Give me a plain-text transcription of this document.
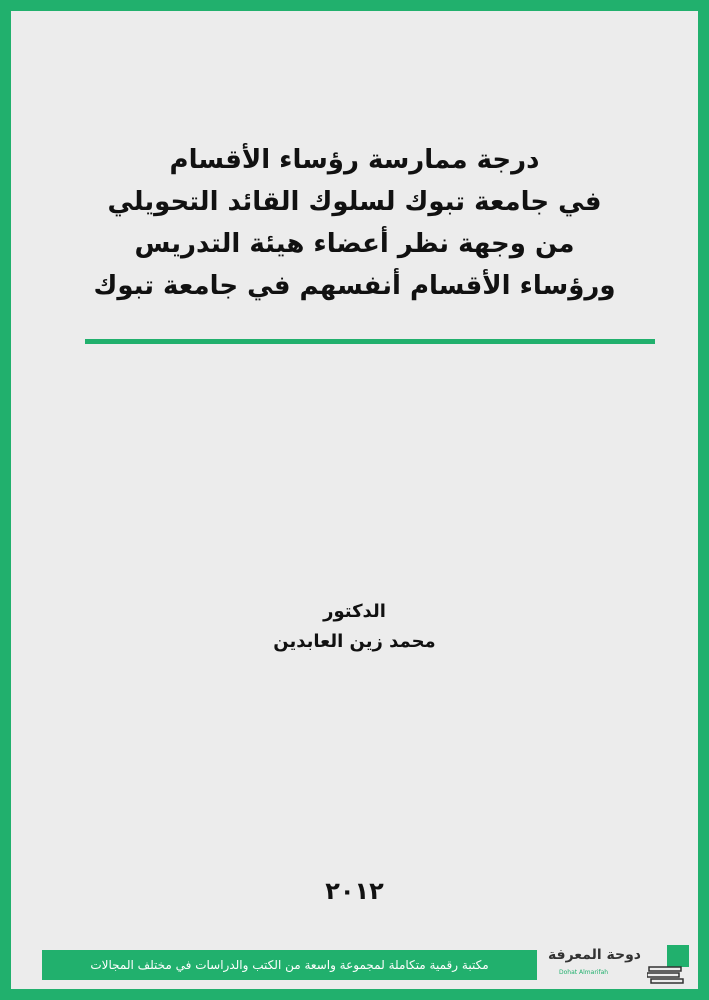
درجة ممارسة رؤساء الأقسام

في جامعة تبوك لسلوك القائد التحويلي

من وجهة نظر أعضاء هيئة التدريس

ورؤساء الأقسام أنفسهم في جامعة تبوك

الدكتور

محمد زين العابدين

٢٠١٢
مكتبة رقمية متكاملة لمجموعة واسعة من الكتب والدراسات في مختلف المجالات
دوحة المعرفة
Dohat Almarifah
